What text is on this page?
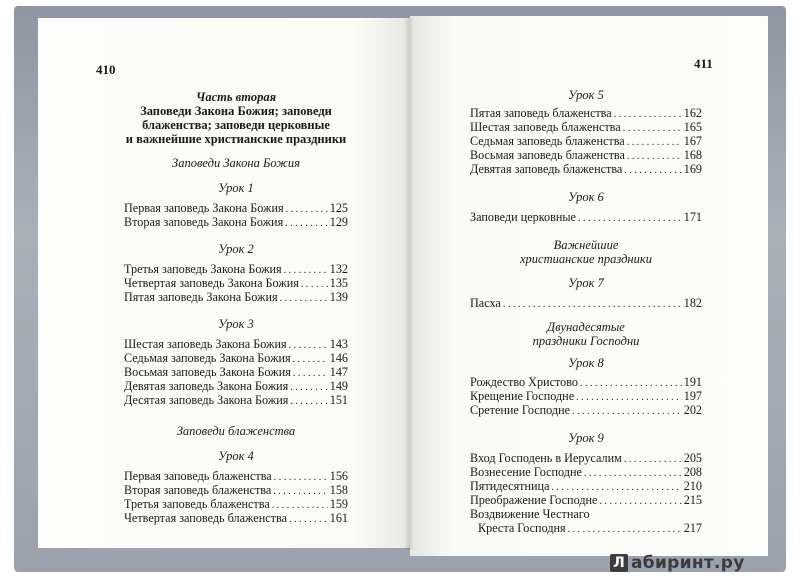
410	411
Часть вторая
Заповеди Закона Божия; заповеди
блаженства; заповеди церковные
и важнейшие христианские праздники
Заповеди Закона Божия
Урок 1
Первая заповедь Закона Божия . . .	125
Вторая заповедь Закона Божия . . .	129
Урок 2
Третья заповедь Закона Божия . . .	132
Четвертая заповедь Закона Божия . . .	135
Пятая заповедь Закона Божия . . .	139
Урок 3
Шестая заповедь Закона Божия . . .	143
Седьмая заповедь Закона Божия . . .	146
Восьмая заповедь Закона Божия . . .	147
Девятая заповедь Закона Божия . . .	149
Десятая заповедь Закона Божия . . .	151
Заповеди блаженства
Урок 4
Первая заповедь блаженства . . .	156
Вторая заповедь блаженства . . .	158
Третья заповедь блаженства . . .	159
Четвертая заповедь блаженства . . .	161
Урок 5
Пятая заповедь блаженства . . .	162
Шестая заповедь блаженства . . .	165
Седьмая заповедь блаженства . . .	167
Восьмая заповедь блаженства . . .	168
Девятая заповедь блаженства . . .	169
Урок 6
Заповеди церковные . . .	171
Важнейшие
христианские праздники
Урок 7
Пасха . . .	182
Двунадесятые
праздники Господни
Урок 8
Рождество Христово . . .	191
Крещение Господне . . .	197
Сретение Господне . . .	202
Урок 9
Вход Господень в Иерусалим . . .	205
Вознесение Господне . . .	208
Пятидесятница . . .	210
Преображение Господне . . .	215
Воздвижение Честнаго
Креста Господня . . .	217
Л абиринт.ру
